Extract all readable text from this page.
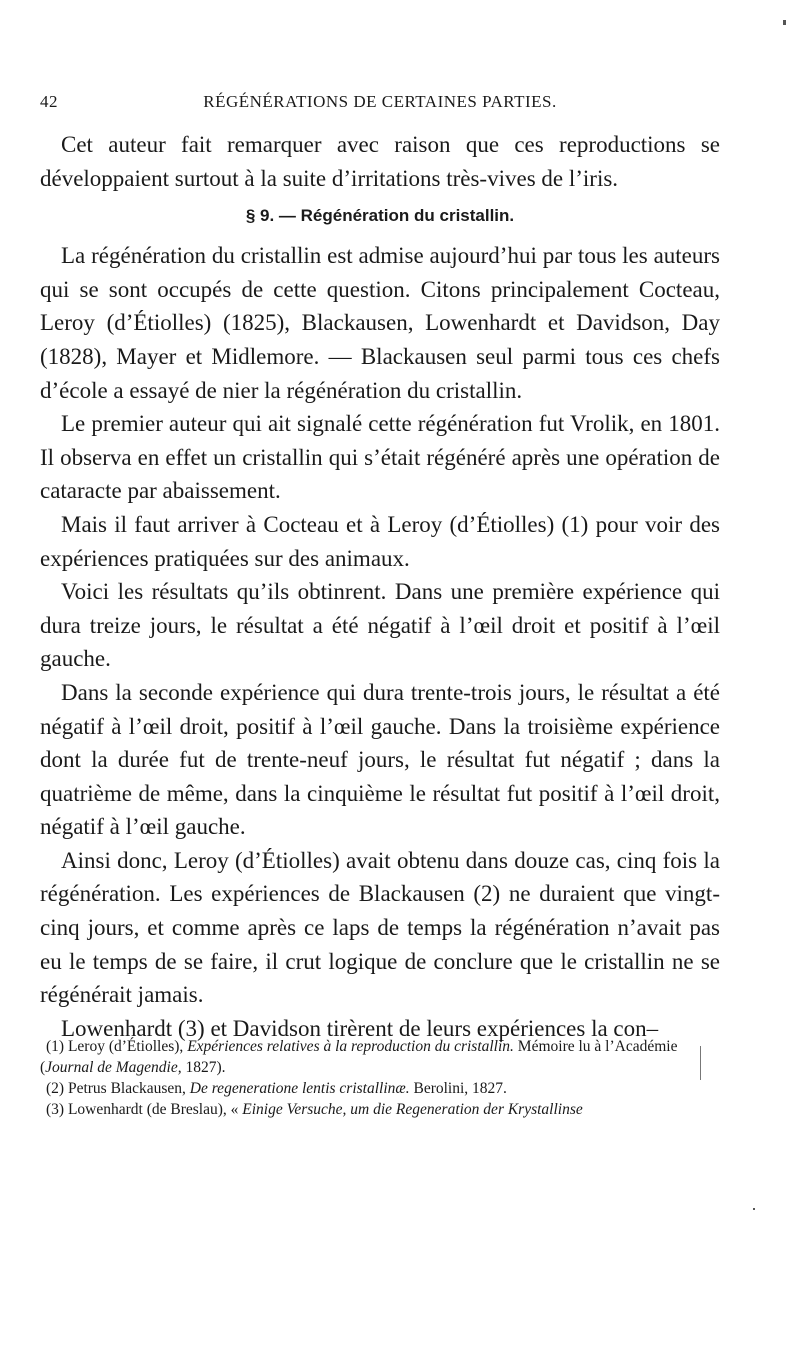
42	RÉGÉNÉRATIONS DE CERTAINES PARTIES.

Cet auteur fait remarquer avec raison que ces reproductions se développaient surtout à la suite d’irritations très-vives de l’iris.

§ 9. — Régénération du cristallin.

La régénération du cristallin est admise aujourd’hui par tous les auteurs qui se sont occupés de cette question. Citons principalement Cocteau, Leroy (d’Étiolles) (1825), Blackausen, Lowenhardt et Davidson, Day (1828), Mayer et Midlemore. — Blackausen seul parmi tous ces chefs d’école a essayé de nier la régénération du cristallin.

Le premier auteur qui ait signalé cette régénération fut Vrolik, en 1801. Il observa en effet un cristallin qui s’était régénéré après une opération de cataracte par abaissement.

Mais il faut arriver à Cocteau et à Leroy (d’Étiolles) (1) pour voir des expériences pratiquées sur des animaux.

Voici les résultats qu’ils obtinrent. Dans une première expérience qui dura treize jours, le résultat a été négatif à l’œil droit et positif à l’œil gauche.

Dans la seconde expérience qui dura trente-trois jours, le résultat a été négatif à l’œil droit, positif à l’œil gauche. Dans la troisième expérience dont la durée fut de trente-neuf jours, le résultat fut négatif ; dans la quatrième de même, dans la cinquième le résultat fut positif à l’œil droit, négatif à l’œil gauche.

Ainsi donc, Leroy (d’Étiolles) avait obtenu dans douze cas, cinq fois la régénération. Les expériences de Blackausen (2) ne duraient que vingt-cinq jours, et comme après ce laps de temps la régénération n’avait pas eu le temps de se faire, il crut logique de conclure que le cristallin ne se régénérait jamais.

Lowenhardt (3) et Davidson tirèrent de leurs expériences la con–

(1) Leroy (d’Étiolles), Expériences relatives à la reproduction du cristallin. Mémoire lu à l’Académie (Journal de Magendie, 1827).

(2) Petrus Blackausen, De regeneratione lentis cristallinæ. Berolini, 1827.

(3) Lowenhardt (de Breslau), « Einige Versuche, um die Regeneration der Krystallinse
